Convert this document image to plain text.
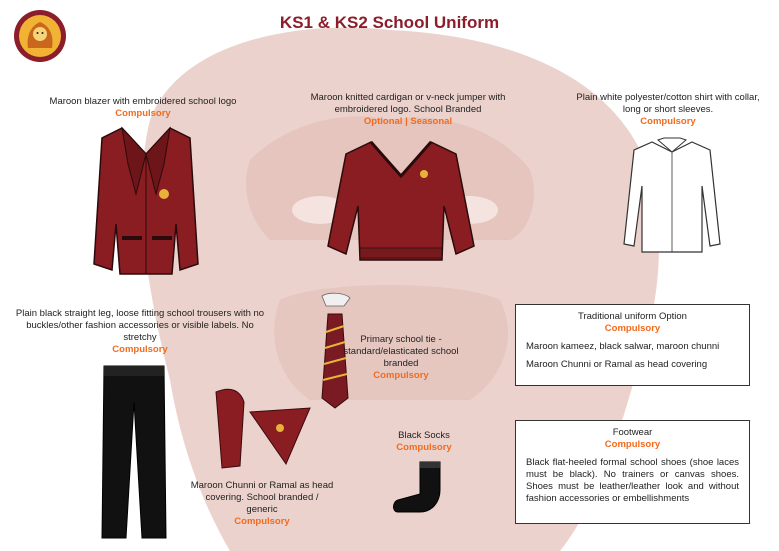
KS1 & KS2 School Uniform
Maroon blazer with embroidered school logo
Compulsory
Maroon knitted cardigan or v-neck jumper with embroidered logo. School Branded
Optional | Seasonal
Plain white polyester/cotton shirt with collar, long or short sleeves.
Compulsory
Plain black straight leg, loose fitting school trousers with no buckles/other fashion accessories or visible labels. No stretchy
Compulsory
Primary school tie - standard/elasticated school branded
Compulsory
Maroon Chunni or Ramal as head covering. School branded / generic
Compulsory
Black Socks
Compulsory
Traditional uniform Option
Compulsory

Maroon kameez, black salwar, maroon chunni

Maroon Chunni or Ramal as head covering

Footwear
Compulsory

Black flat-heeled formal school shoes (shoe laces must be black). No trainers or canvas shoes. Shoes must be leather/leather look and without fashion accessories or embellishments
